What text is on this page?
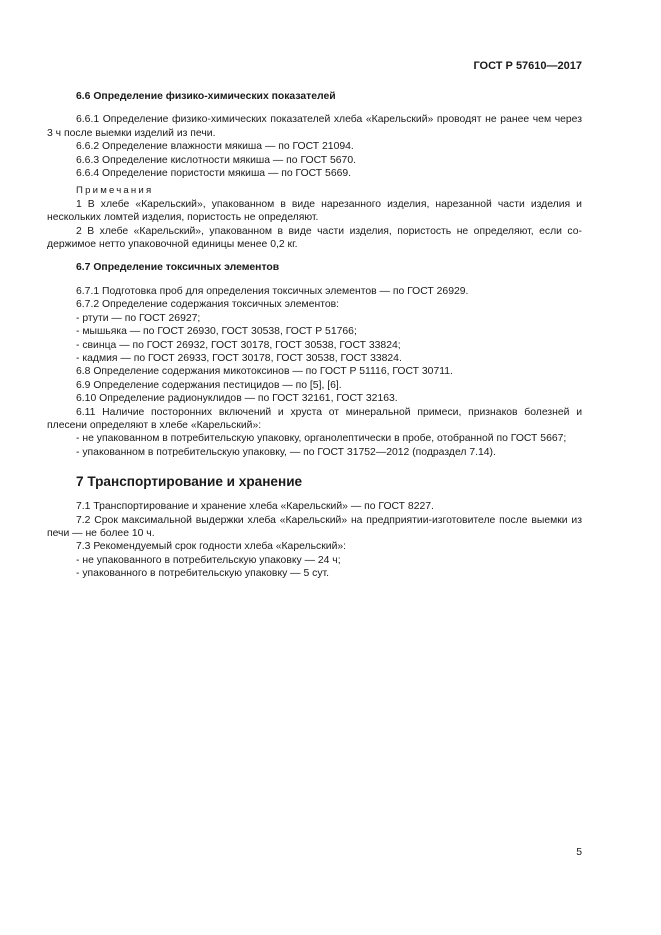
ГОСТ Р 57610—2017

6.6 Определение физико-химических показателей

6.6.1 Определение физико-химических показателей хлеба «Карельский» проводят не ранее чем через 3 ч после выемки изделий из печи.

6.6.2 Определение влажности мякиша — по ГОСТ 21094.

6.6.3 Определение кислотности мякиша — по ГОСТ 5670.

6.6.4 Определение пористости мякиша — по ГОСТ 5669.

Примечания

1 В хлебе «Карельский», упакованном в виде нарезанного изделия, нарезанной части изделия и нескольких ломтей изделия, пористость не определяют.

2 В хлебе «Карельский», упакованном в виде части изделия, пористость не определяют, если содержимое нетто упаковочной единицы менее 0,2 кг.

6.7 Определение токсичных элементов

6.7.1 Подготовка проб для определения токсичных элементов — по ГОСТ 26929.

6.7.2 Определение содержания токсичных элементов:

- ртути — по ГОСТ 26927;

- мышьяка — по ГОСТ 26930, ГОСТ 30538, ГОСТ Р 51766;

- свинца — по ГОСТ 26932, ГОСТ 30178, ГОСТ 30538, ГОСТ 33824;

- кадмия — по ГОСТ 26933, ГОСТ 30178, ГОСТ 30538, ГОСТ 33824.

6.8 Определение содержания микотоксинов — по ГОСТ Р 51116, ГОСТ 30711.

6.9 Определение содержания пестицидов — по [5], [6].

6.10 Определение радионуклидов — по ГОСТ 32161, ГОСТ 32163.

6.11 Наличие посторонних включений и хруста от минеральной примеси, признаков болезней и плесени определяют в хлебе «Карельский»:

- не упакованном в потребительскую упаковку, органолептически в пробе, отобранной по ГОСТ 5667;

- упакованном в потребительскую упаковку, — по ГОСТ 31752—2012 (подраздел 7.14).

7 Транспортирование и хранение

7.1 Транспортирование и хранение хлеба «Карельский» — по ГОСТ 8227.

7.2 Срок максимальной выдержки хлеба «Карельский» на предприятии-изготовителе после выемки из печи — не более 10 ч.

7.3 Рекомендуемый срок годности хлеба «Карельский»:

- не упакованного в потребительскую упаковку — 24 ч;

- упакованного в потребительскую упаковку — 5 сут.

5
